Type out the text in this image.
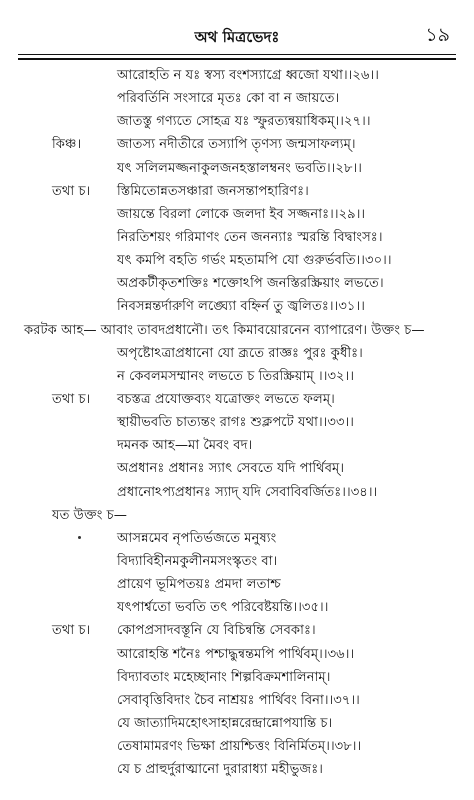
অথ মিত্রভেদঃ	১৯
আরোহতি ন যঃ স্বস্য বংশস্যাগ্রে ধ্বজো যথা।।২৬।।
পরিবর্তিনি সংসারে মৃতঃ কো বা ন জায়তে।
জাতস্তু গণ্যতে সোহত্র যঃ স্ফুরত্যন্বয়াধিকম্।।২৭।।
কিঞ্চ।	জাতস্য নদীতীরে তস্যাপি তৃণস্য জন্মসাফল্যম্।
যৎ সলিলমজ্জনাকুলজনহস্তালম্বনং ভবতি।।২৮।।
তথা চ। স্তিমিতোন্নতসঞ্চারা জনসন্তাপহারিণঃ।
জায়ন্তে বিরলা লোকে জলদা ইব সজ্জনাঃ।।২৯।।
নিরতিশয়ং গরিমাণং তেন জনন্যাঃ স্মরন্তি বিদ্বাংসঃ।
যৎ কমপি বহতি গর্ভং মহতামপি যো গুরুর্ভবতি।।৩০।।
অপ্রকটীকৃতশক্তিঃ শক্তোঽপি জনস্তিরস্ক্রিয়াং লভতে।
নিবসন্নন্তর্দারুণি লঙ্ঘ্যো বহ্নির্ন তু জ্বলিতঃ।।৩১।।
করটক আহ— আবাং তাবদপ্রধানৌ। তৎ কিমাবয়োরনেন ব্যাপারেণ। উক্তং চ—
অপৃষ্টোঽত্রাপ্রধানো যো ব্রূতে রাজ্ঞঃ পুরঃ কুধীঃ।
ন কেবলমসম্মানং লভতে চ তিরস্ক্রিয়াম্ ।।৩২।।
তথা চ। বচস্তত্র প্রযোক্তব্যং যত্রোক্তং লভতে ফলম্।
স্থায়ীভবতি চাত্যন্তং রাগঃ শুক্লপটে যথা।।৩৩।।
দমনক আহ—মা মৈবং বদ।
অপ্রধানঃ প্রধানঃ স্যাৎ সেবতে যদি পার্থিবম্।
প্রধানোঽপ্যপ্রধানঃ স্যাদ্ যদি সেবাবিবর্জিতঃ।।৩৪।।
যত উক্তং চ—
আসন্নমেব নৃপতির্ভজতে মনুষ্যং
বিদ্যাবিহীনমকুলীনমসংস্কৃতং বা।
প্রায়েণ ভূমিপতয়ঃ প্রমদা লতাশ্চ
যৎপার্শ্বতো ভবতি তৎ পরিবেষ্টয়ন্তি।।৩৫।।
তথা চ। কোপপ্রসাদবস্তূনি যে বিচিন্বন্তি সেবকাঃ।
আরোহন্তি শনৈঃ পশ্চাদ্ধুন্বন্তমপি পার্থিবম্।।৩৬।।
বিদ্যাবতাং মহেচ্ছানাং শিল্পবিক্রমশালিনাম্।
সেবাবৃত্তিবিদাং চৈব নাশ্রয়ঃ পার্থিবং বিনা।।৩৭।।
যে জাত্যাদিমহোৎসাহান্নরেন্দ্রান্নোপযান্তি চ।
তেষামামরণং ভিক্ষা প্রায়শ্চিত্তং বিনির্মিতম্।।৩৮।।
যে চ প্রাহুর্দুরাত্মানো দুরারাধ্যা মহীভুজঃ।
